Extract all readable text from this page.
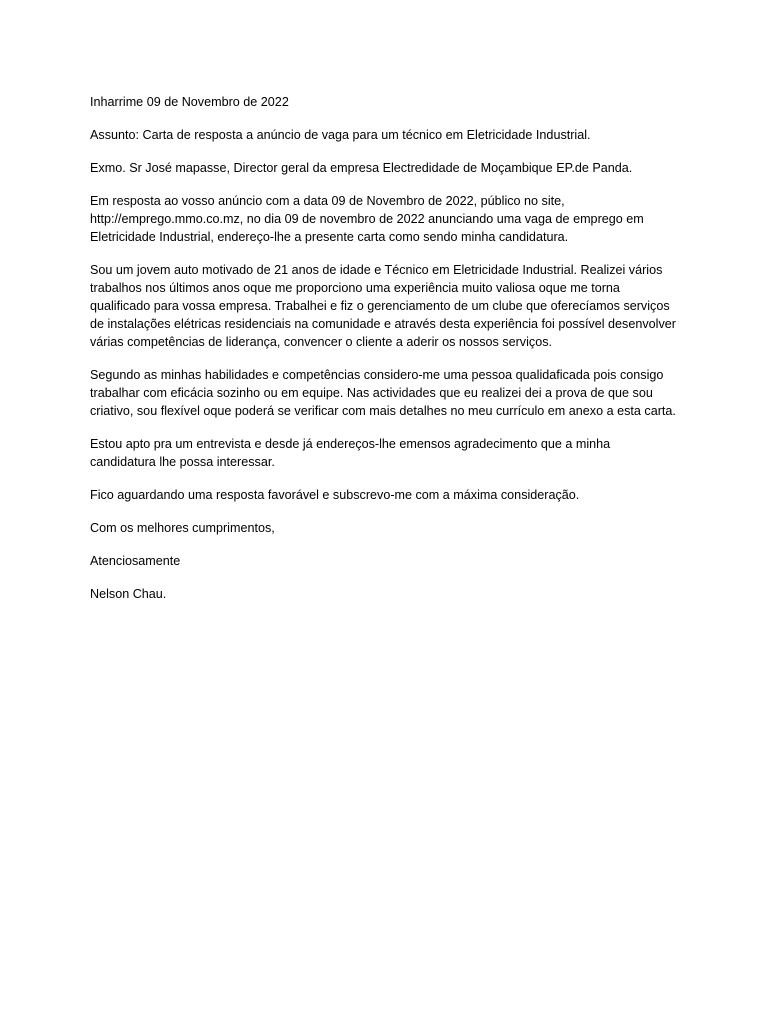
Inharrime 09 de Novembro de 2022

Assunto: Carta de resposta a anúncio de vaga para um técnico em Eletricidade Industrial.

Exmo. Sr José mapasse, Director geral da empresa Electredidade de Moçambique EP.de Panda.

Em resposta ao vosso anúncio com a data 09 de Novembro de 2022, público no site,
http://emprego.mmo.co.mz, no dia 09 de novembro de 2022 anunciando uma vaga de emprego em
Eletricidade Industrial, endereço-lhe a presente carta como sendo minha candidatura.

Sou um jovem auto motivado de 21 anos de idade e Técnico em Eletricidade Industrial. Realizei vários
trabalhos nos últimos anos oque me proporciono uma experiência muito valiosa oque me torna
qualificado para vossa empresa. Trabalhei e fiz o gerenciamento de um clube que oferecíamos serviços
de instalações elétricas residenciais na comunidade e através desta experiência foi possível desenvolver
várias competências de liderança, convencer o cliente a aderir os nossos serviços.

Segundo as minhas habilidades e competências considero-me uma pessoa qualidaficada pois consigo
trabalhar com eficácia sozinho ou em equipe. Nas actividades que eu realizei dei a prova de que sou
criativo, sou flexível oque poderá se verificar com mais detalhes no meu currículo em anexo a esta carta.

Estou apto pra um entrevista e desde já endereços-lhe emensos agradecimento que a minha
candidatura lhe possa interessar.

Fico aguardando uma resposta favorável e subscrevo-me com a máxima consideração.

Com os melhores cumprimentos,

Atenciosamente

Nelson Chau.
